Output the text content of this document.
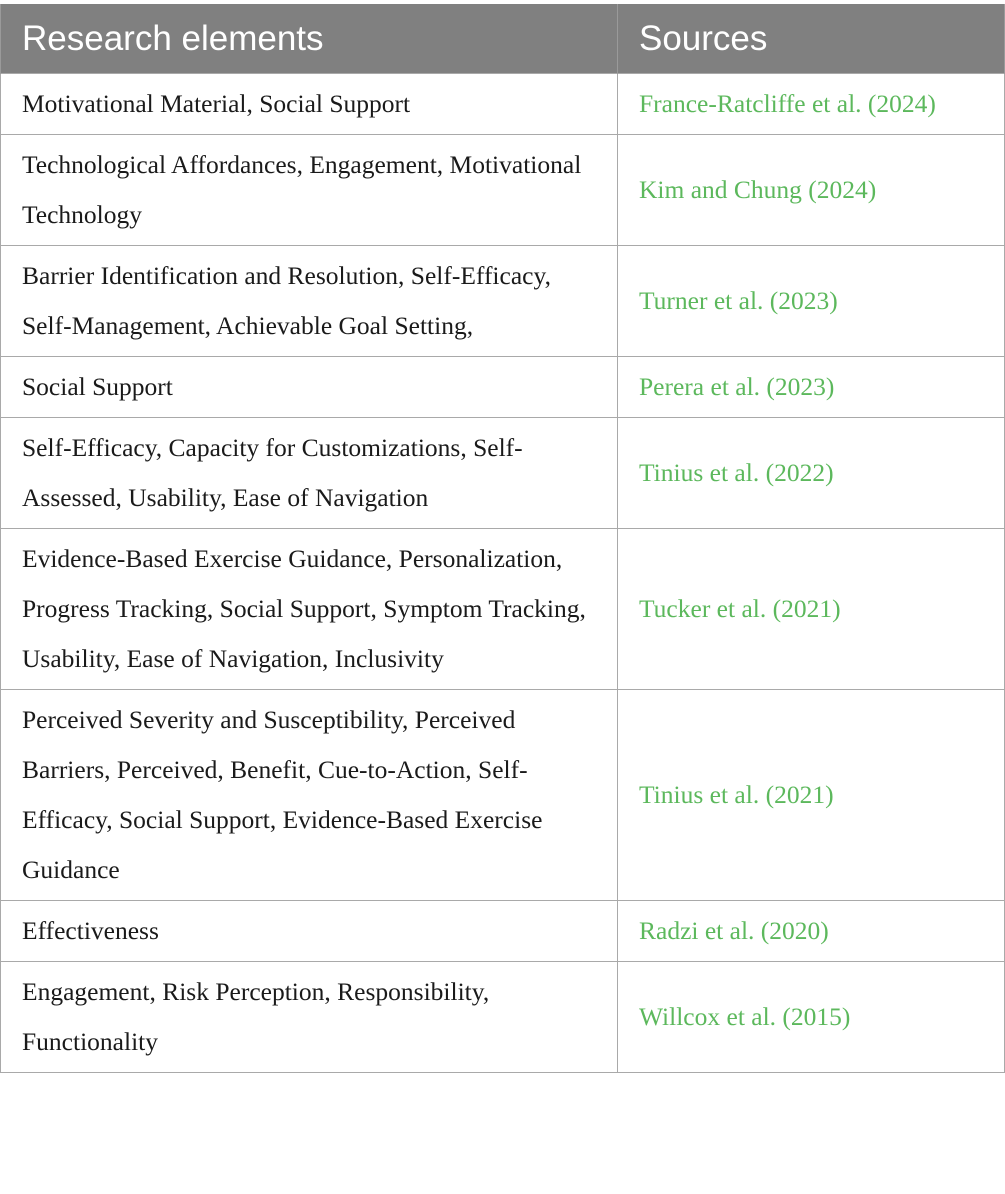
Research elements	Sources
Motivational Material, Social Support	France-Ratcliffe et al. (2024)
Technological Affordances, Engagement, Motivational Technology	Kim and Chung (2024)
Barrier Identification and Resolution, Self-Efficacy, Self-Management, Achievable Goal Setting,	Turner et al. (2023)
Social Support	Perera et al. (2023)
Self-Efficacy, Capacity for Customizations, Self-Assessed, Usability, Ease of Navigation	Tinius et al. (2022)
Evidence-Based Exercise Guidance, Personalization, Progress Tracking, Social Support, Symptom Tracking, Usability, Ease of Navigation, Inclusivity	Tucker et al. (2021)
Perceived Severity and Susceptibility, Perceived Barriers, Perceived, Benefit, Cue-to-Action, Self-Efficacy, Social Support, Evidence-Based Exercise Guidance	Tinius et al. (2021)
Effectiveness	Radzi et al. (2020)
Engagement, Risk Perception, Responsibility, Functionality	Willcox et al. (2015)
